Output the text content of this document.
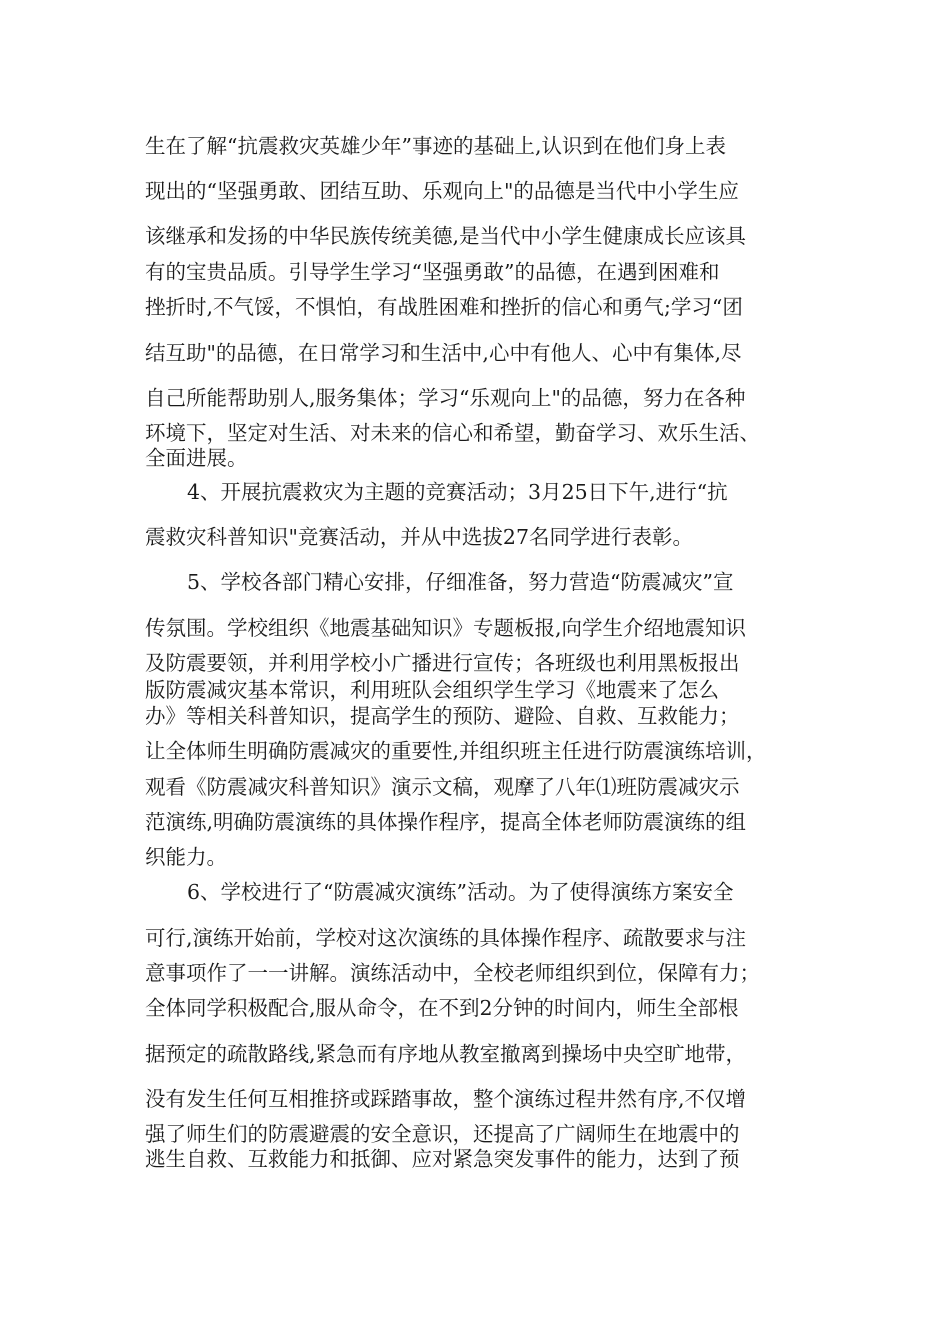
生在了解“抗震救灾英雄少年”事迹的基础上,认识到在他们身上表
现出的“坚强勇敢、团结互助、乐观向上"的品德是当代中小学生应
该继承和发扬的中华民族传统美德,是当代中小学生健康成长应该具
有的宝贵品质。引导学生学习“坚强勇敢”的品德，在遇到困难和
挫折时,不气馁，不惧怕，有战胜困难和挫折的信心和勇气;学习“团
结互助"的品德，在日常学习和生活中,心中有他人、心中有集体,尽
自己所能帮助别人,服务集体；学习“乐观向上"的品德，努力在各种
环境下，坚定对生活、对未来的信心和希望，勤奋学习、欢乐生活、
全面进展。
4、开展抗震救灾为主题的竞赛活动；3月25日下午,进行“抗
震救灾科普知识"竞赛活动，并从中选拔27名同学进行表彰。
5、学校各部门精心安排，仔细准备，努力营造“防震减灾”宣
传氛围。学校组织《地震基础知识》专题板报,向学生介绍地震知识
及防震要领，并利用学校小广播进行宣传；各班级也利用黑板报出
版防震减灾基本常识，利用班队会组织学生学习《地震来了怎么
办》等相关科普知识，提高学生的预防、避险、自救、互救能力；
让全体师生明确防震减灾的重要性,并组织班主任进行防震演练培训，
观看《防震减灾科普知识》演示文稿，观摩了八年⑴班防震减灾示
范演练,明确防震演练的具体操作程序，提高全体老师防震演练的组
织能力。
6、学校进行了“防震减灾演练”活动。为了使得演练方案安全
可行,演练开始前，学校对这次演练的具体操作程序、疏散要求与注
意事项作了一一讲解。演练活动中，全校老师组织到位，保障有力；
全体同学积极配合,服从命令，在不到2分钟的时间内，师生全部根
据预定的疏散路线,紧急而有序地从教室撤离到操场中央空旷地带，
没有发生任何互相推挤或踩踏事故，整个演练过程井然有序,不仅增
强了师生们的防震避震的安全意识，还提高了广阔师生在地震中的
逃生自救、互救能力和抵御、应对紧急突发事件的能力，达到了预
